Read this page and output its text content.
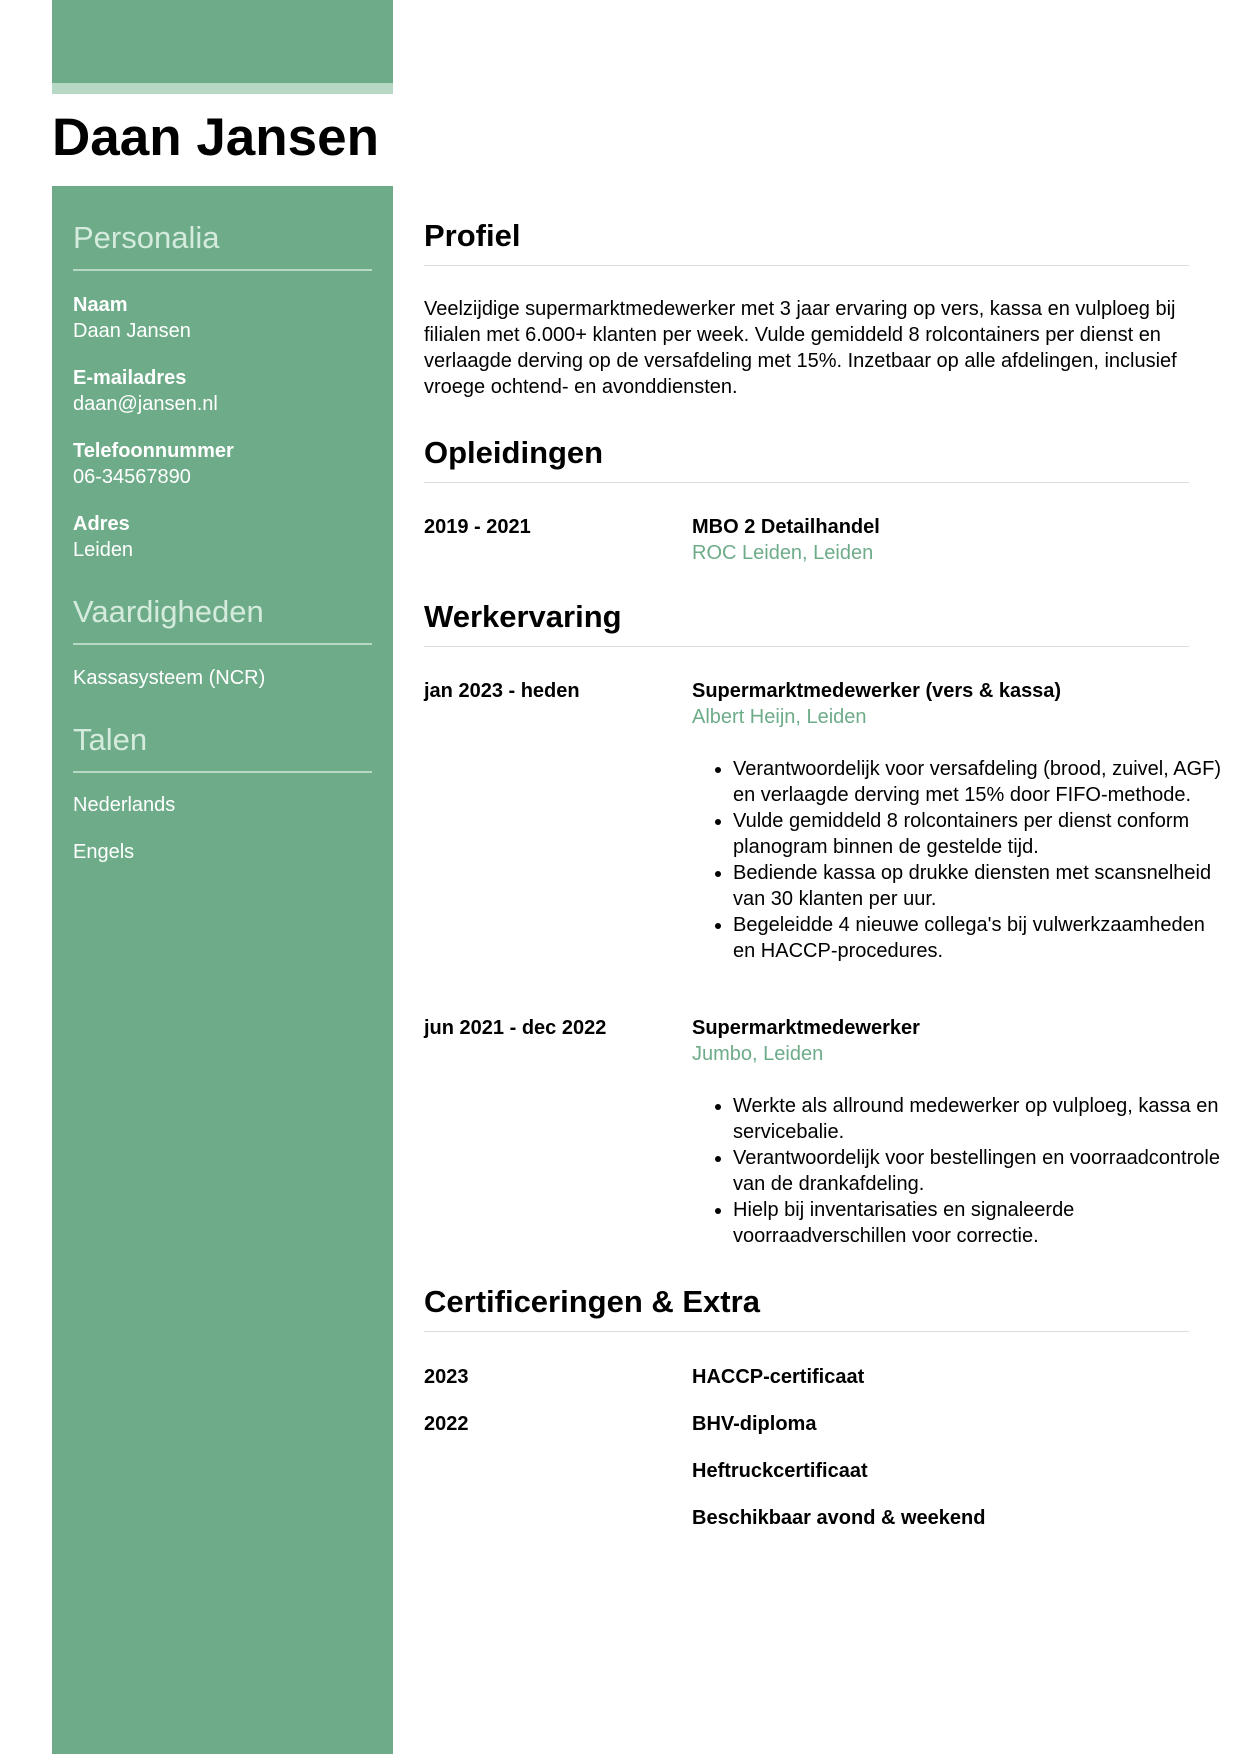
Daan Jansen
Personalia
Naam
Daan Jansen
E-mailadres
daan@jansen.nl
Telefoonnummer
06-34567890
Adres
Leiden
Vaardigheden
Kassasysteem (NCR)
Talen
Nederlands
Engels
Profiel

Veelzijdige supermarktmedewerker met 3 jaar ervaring op vers, kassa en vulploeg bij filialen met 6.000+ klanten per week. Vulde gemiddeld 8 rolcontainers per dienst en verlaagde derving op de versafdeling met 15%. Inzetbaar op alle afdelingen, inclusief vroege ochtend- en avonddiensten.

Opleidingen
2019 - 2021	MBO 2 Detailhandel
ROC Leiden, Leiden
Werkervaring
jan 2023 - heden	Supermarktmedewerker (vers & kassa)
Albert Heijn, Leiden
• Verantwoordelijk voor versafdeling (brood, zuivel, AGF) en verlaagde derving met 15% door FIFO-methode.
• Vulde gemiddeld 8 rolcontainers per dienst conform planogram binnen de gestelde tijd.
• Bediende kassa op drukke diensten met scansnelheid van 30 klanten per uur.
• Begeleidde 4 nieuwe collega's bij vulwerkzaamheden en HACCP-procedures.
jun 2021 - dec 2022	Supermarktmedewerker
Jumbo, Leiden
• Werkte als allround medewerker op vulploeg, kassa en servicebalie.
• Verantwoordelijk voor bestellingen en voorraadcontrole van de drankafdeling.
• Hielp bij inventarisaties en signaleerde voorraadverschillen voor correctie.
Certificeringen & Extra
2023	HACCP-certificaat
2022	BHV-diploma
Heftruckcertificaat
Beschikbaar avond & weekend
